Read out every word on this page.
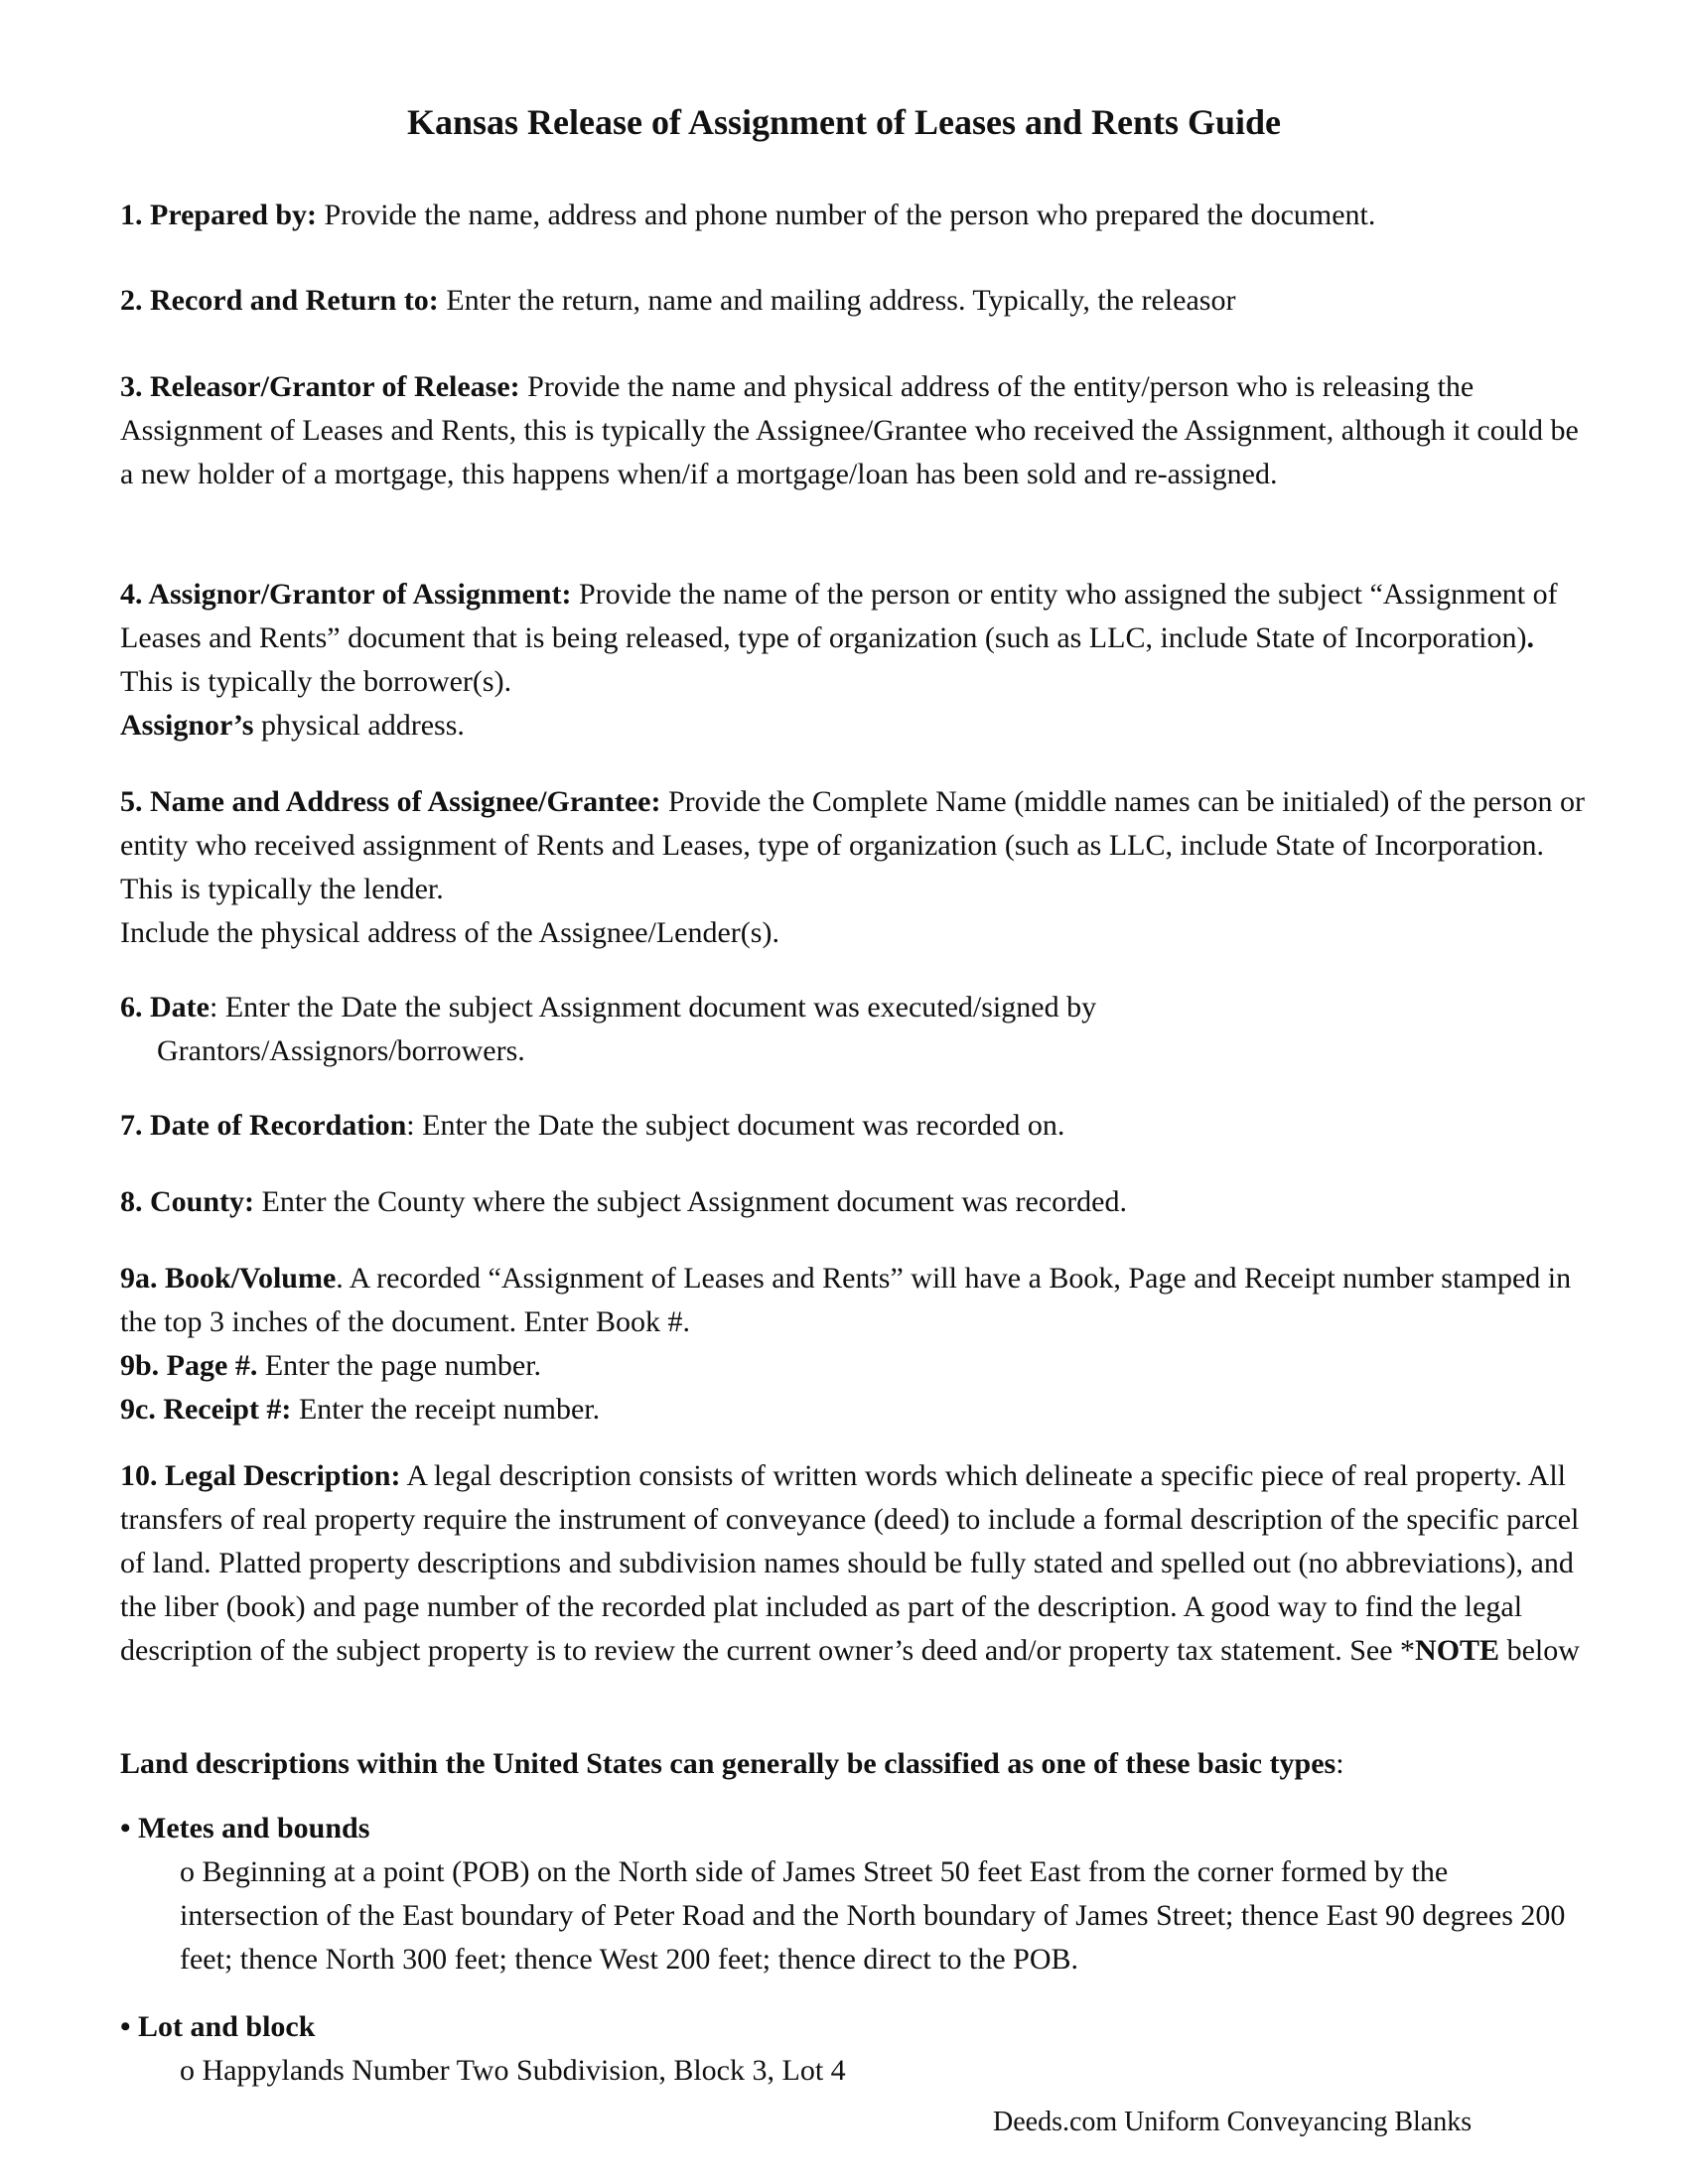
Kansas Release of Assignment of Leases and Rents Guide

1. Prepared by: Provide the name, address and phone number of the person who prepared the document.

2. Record and Return to: Enter the return, name and mailing address. Typically, the releasor

3. Releasor/Grantor of Release: Provide the name and physical address of the entity/person who is releasing the Assignment of Leases and Rents, this is typically the Assignee/Grantee who received the Assignment, although it could be a new holder of a mortgage, this happens when/if a mortgage/loan has been sold and re-assigned.

4. Assignor/Grantor of Assignment: Provide the name of the person or entity who assigned the subject “Assignment of Leases and Rents” document that is being released, type of organization (such as LLC, include State of Incorporation). This is typically the borrower(s).

Assignor’s physical address.

5. Name and Address of Assignee/Grantee: Provide the Complete Name (middle names can be initialed) of the person or entity who received assignment of Rents and Leases, type of organization (such as LLC, include State of Incorporation. This is typically the lender.

Include the physical address of the Assignee/Lender(s).

6. Date: Enter the Date the subject Assignment document was executed/signed by

Grantors/Assignors/borrowers.

7. Date of Recordation: Enter the Date the subject document was recorded on.

8. County: Enter the County where the subject Assignment document was recorded.

9a. Book/Volume. A recorded “Assignment of Leases and Rents” will have a Book, Page and Receipt number stamped in the top 3 inches of the document. Enter Book #.

9b. Page #. Enter the page number.

9c. Receipt #: Enter the receipt number.

10. Legal Description: A legal description consists of written words which delineate a specific piece of real property. All transfers of real property require the instrument of conveyance (deed) to include a formal description of the specific parcel of land. Platted property descriptions and subdivision names should be fully stated and spelled out (no abbreviations), and the liber (book) and page number of the recorded plat included as part of the description. A good way to find the legal description of the subject property is to review the current owner’s deed and/or property tax statement. See *NOTE below

Land descriptions within the United States can generally be classified as one of these basic types:

• Metes and bounds

o Beginning at a point (POB) on the North side of James Street 50 feet East from the corner formed by the intersection of the East boundary of Peter Road and the North boundary of James Street; thence East 90 degrees 200 feet; thence North 300 feet; thence West 200 feet; thence direct to the POB.

• Lot and block

o Happylands Number Two Subdivision, Block 3, Lot 4

Deeds.com Uniform Conveyancing Blanks
